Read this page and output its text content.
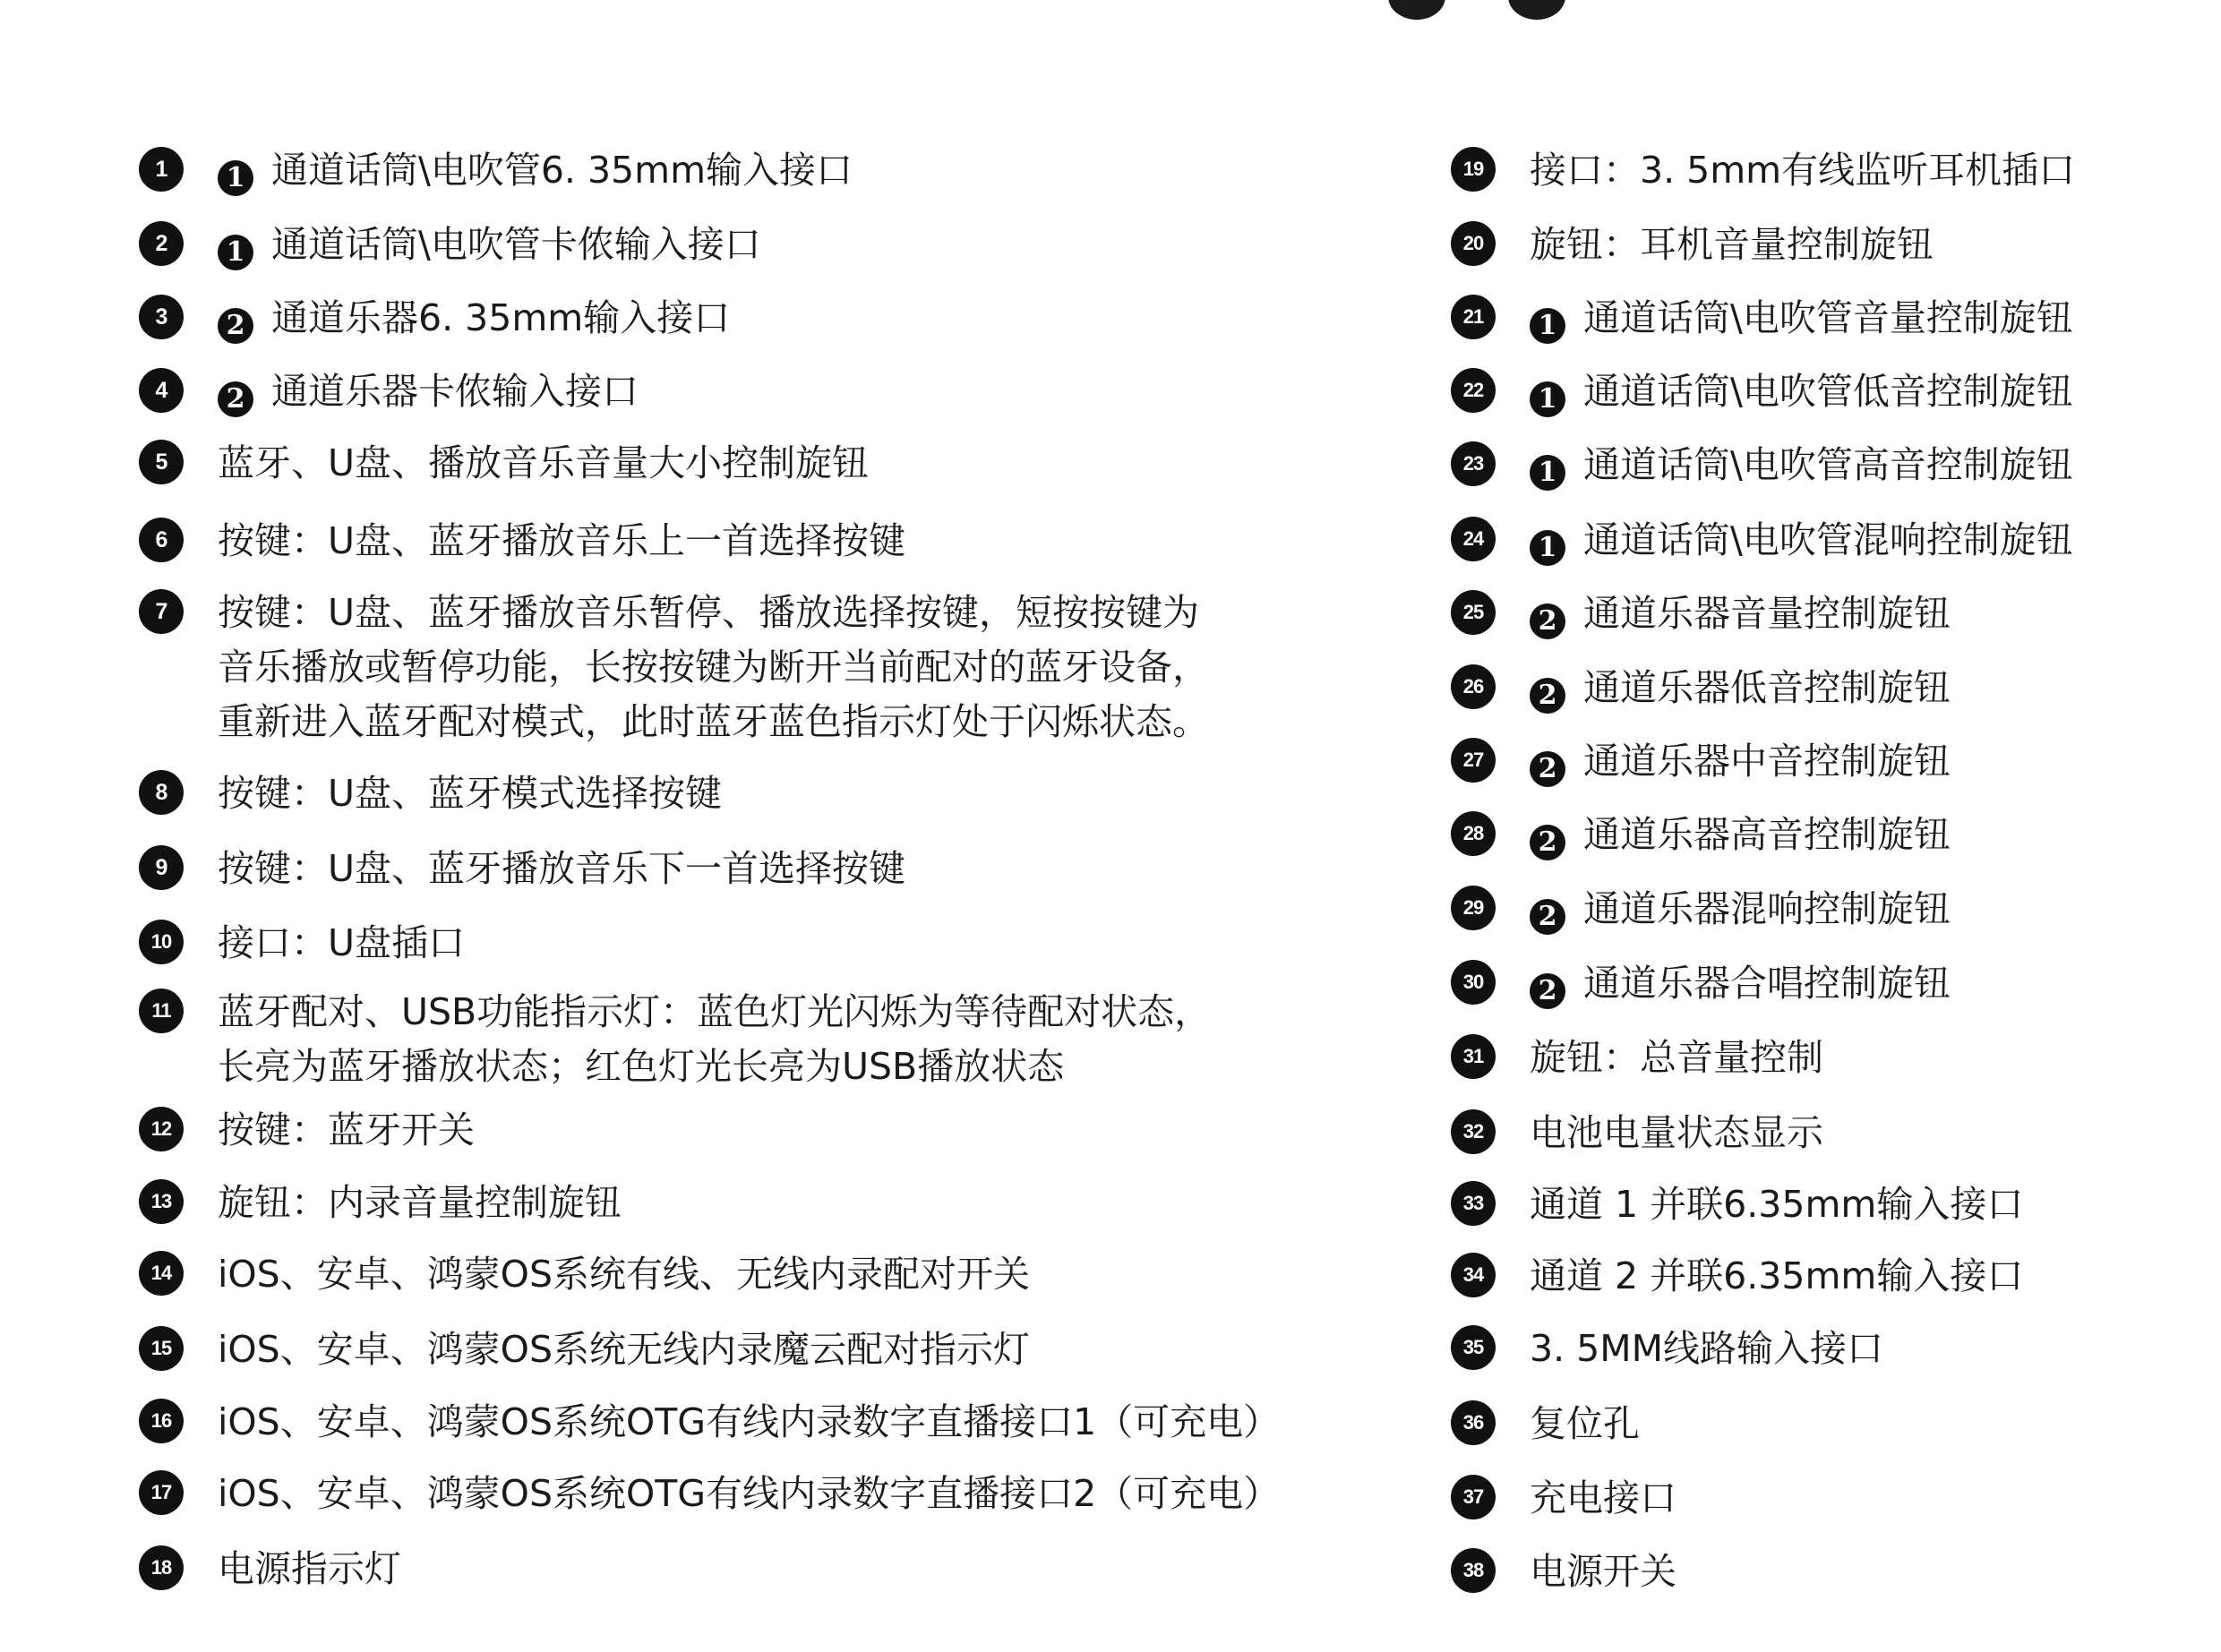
1	1 通道话筒\电吹管6. 35mm输入接口
2	1 通道话筒\电吹管卡侬输入接口
3	2 通道乐器6. 35mm输入接口
4	2 通道乐器卡侬输入接口
5	蓝牙、U盘、播放音乐音量大小控制旋钮
6	按键：U盘、蓝牙播放音乐上一首选择按键
7	按键：U盘、蓝牙播放音乐暂停、播放选择按键，短按按键为
音乐播放或暂停功能，长按按键为断开当前配对的蓝牙设备，
重新进入蓝牙配对模式，此时蓝牙蓝色指示灯处于闪烁状态。
8	按键：U盘、蓝牙模式选择按键
9	按键：U盘、蓝牙播放音乐下一首选择按键
10	接口：U盘插口
11	蓝牙配对、USB功能指示灯：蓝色灯光闪烁为等待配对状态，
长亮为蓝牙播放状态；红色灯光长亮为USB播放状态
12	按键：蓝牙开关
13	旋钮：内录音量控制旋钮
14	iOS、安卓、鸿蒙OS系统有线、无线内录配对开关
15	iOS、安卓、鸿蒙OS系统无线内录魔云配对指示灯
16	iOS、安卓、鸿蒙OS系统OTG有线内录数字直播接口1（可充电）
17	iOS、安卓、鸿蒙OS系统OTG有线内录数字直播接口2（可充电）
18	电源指示灯
19	接口：3. 5mm有线监听耳机插口
20	旋钮：耳机音量控制旋钮
21	1 通道话筒\电吹管音量控制旋钮
22	1 通道话筒\电吹管低音控制旋钮
23	1 通道话筒\电吹管高音控制旋钮
24	1 通道话筒\电吹管混响控制旋钮
25	2 通道乐器音量控制旋钮
26	2 通道乐器低音控制旋钮
27	2 通道乐器中音控制旋钮
28	2 通道乐器高音控制旋钮
29	2 通道乐器混响控制旋钮
30	2 通道乐器合唱控制旋钮
31	旋钮：总音量控制
32	电池电量状态显示
33	通道 1 并联6.35mm输入接口
34	通道 2 并联6.35mm输入接口
35	3. 5MM线路输入接口
36	复位孔
37	充电接口
38	电源开关
